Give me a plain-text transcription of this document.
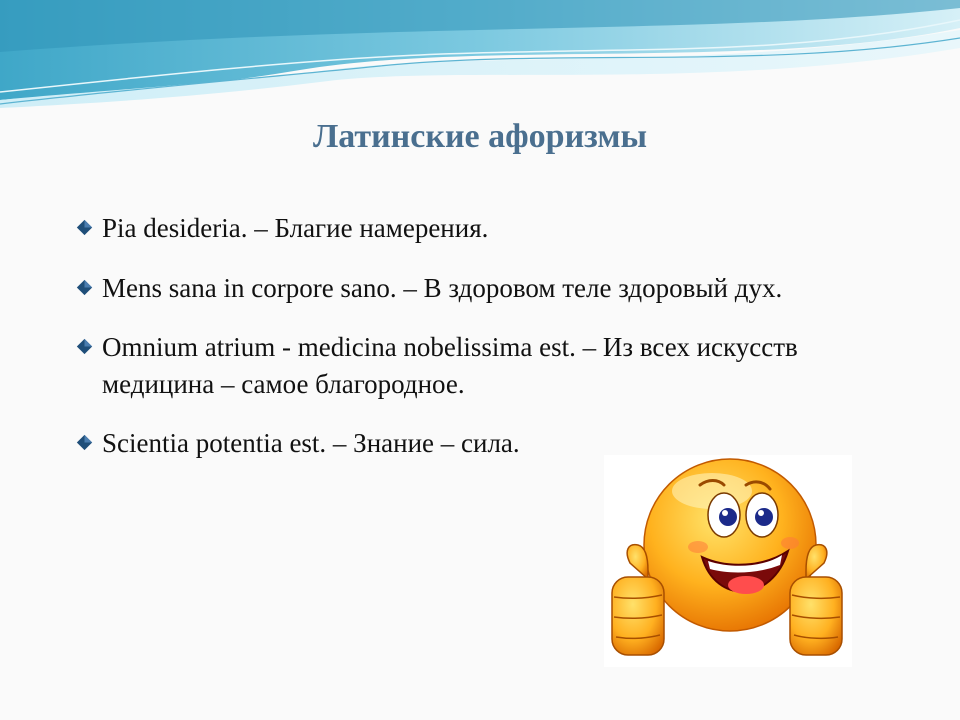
Латинские афоризмы
Pia desideria. – Благие намерения.
Mens sana in corpore sano. – В здоровом теле здоровый дух.
Omnium atrium - medicina nobelissima est. – Из всех искусств медицина – самое благородное.
Scientia potentia est. – Знание – сила.
